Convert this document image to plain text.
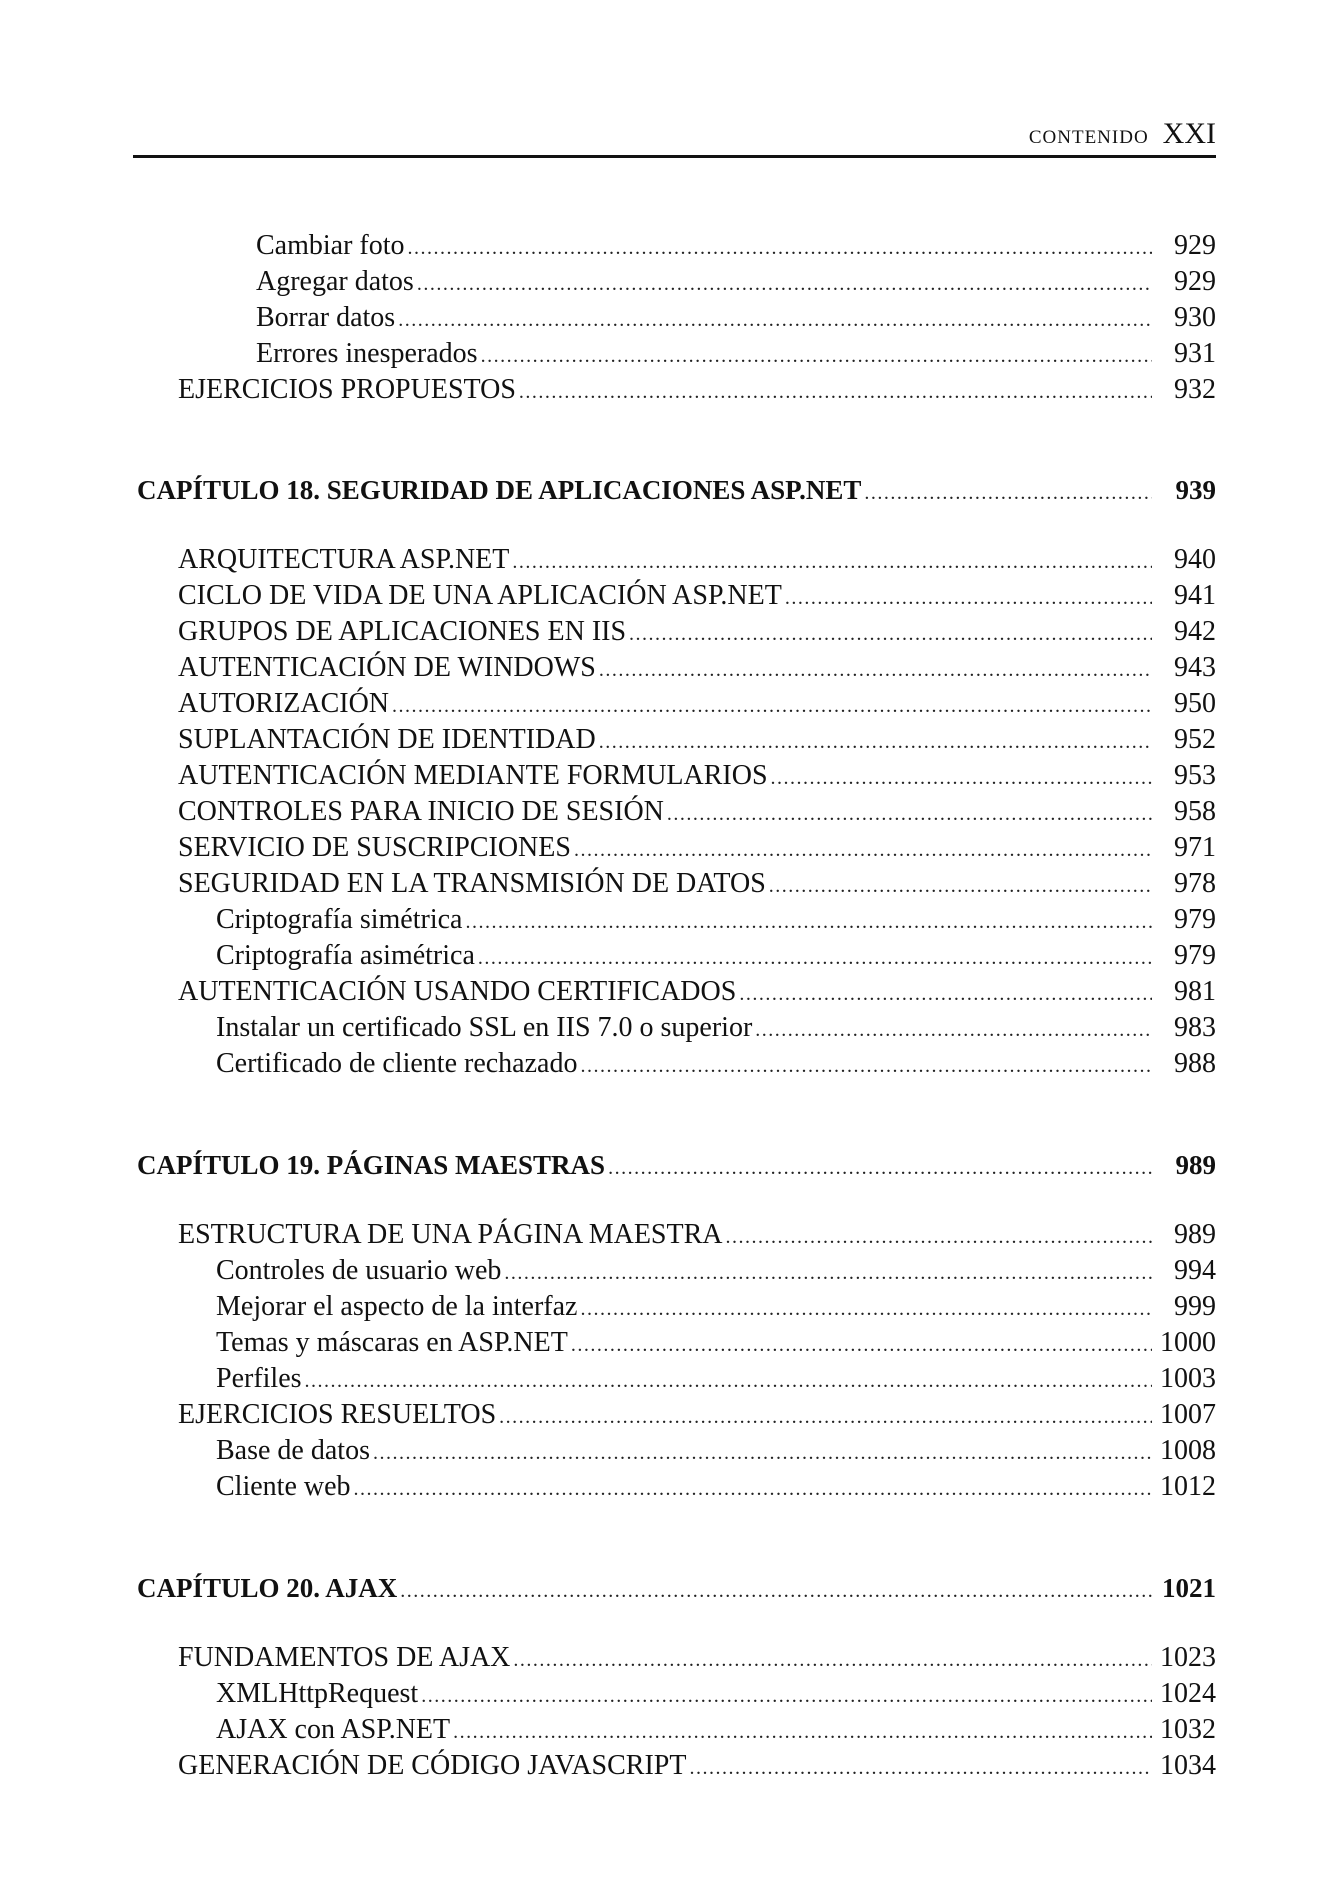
CONTENIDO XXI
Cambiar foto .....	929
Agregar datos .....	929
Borrar datos .....	930
Errores inesperados .....	931
EJERCICIOS PROPUESTOS .....	932
CAPÍTULO 18. SEGURIDAD DE APLICACIONES ASP.NET .....	939
ARQUITECTURA ASP.NET .....	940
CICLO DE VIDA DE UNA APLICACIÓN ASP.NET .....	941
GRUPOS DE APLICACIONES EN IIS .....	942
AUTENTICACIÓN DE WINDOWS .....	943
AUTORIZACIÓN .....	950
SUPLANTACIÓN DE IDENTIDAD .....	952
AUTENTICACIÓN MEDIANTE FORMULARIOS .....	953
CONTROLES PARA INICIO DE SESIÓN .....	958
SERVICIO DE SUSCRIPCIONES .....	971
SEGURIDAD EN LA TRANSMISIÓN DE DATOS .....	978
Criptografía simétrica .....	979
Criptografía asimétrica .....	979
AUTENTICACIÓN USANDO CERTIFICADOS .....	981
Instalar un certificado SSL en IIS 7.0 o superior .....	983
Certificado de cliente rechazado .....	988
CAPÍTULO 19. PÁGINAS MAESTRAS .....	989
ESTRUCTURA DE UNA PÁGINA MAESTRA .....	989
Controles de usuario web .....	994
Mejorar el aspecto de la interfaz .....	999
Temas y máscaras en ASP.NET .....	1000
Perfiles .....	1003
EJERCICIOS RESUELTOS .....	1007
Base de datos .....	1008
Cliente web .....	1012
CAPÍTULO 20. AJAX .....	1021
FUNDAMENTOS DE AJAX .....	1023
XMLHttpRequest .....	1024
AJAX con ASP.NET .....	1032
GENERACIÓN DE CÓDIGO JAVASCRIPT .....	1034
